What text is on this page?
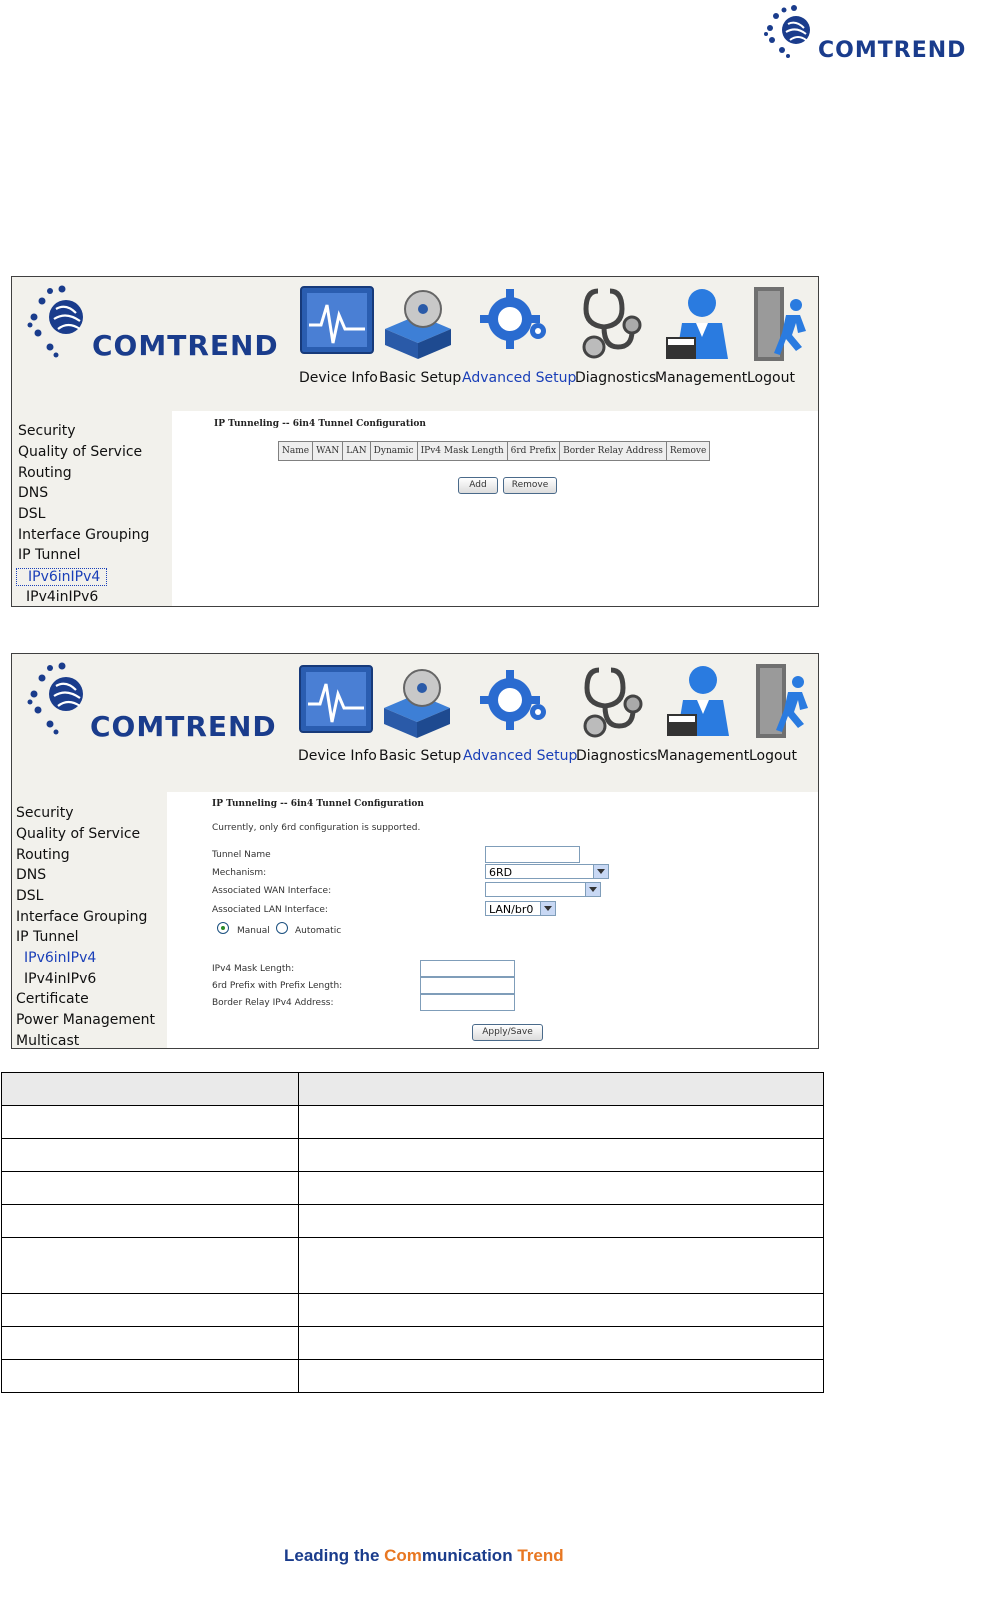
COMTREND
COMTREND
Device Info Basic Setup Advanced Setup
Diagnostics
Management Logout
Security
Quality of Service
Routing
DNS
DSL
Interface Grouping
IP Tunnel
IPv6inIPv4
IPv4inIPv6
IP Tunneling -- 6in4 Tunnel Configuration
Name	WAN	LAN	Dynamic	IPv4 Mask Length	6rd Prefix	Border Relay Address	Remove
Add	Remove
COMTREND
Device Info Basic Setup Advanced Setup
Diagnostics Management Logout
Security
Quality of Service
Routing
DNS
DSL
Interface Grouping
IP Tunnel
IPv6inIPv4
IPv4inIPv6
Certificate
Power Management
Multicast
IP Tunneling -- 6in4 Tunnel Configuration
Currently, only 6rd configuration is supported.
Tunnel Name
Mechanism:	6RD
Associated WAN Interface:
Associated LAN Interface:	LAN/br0
Manual	Automatic
IPv4 Mask Length:
6rd Prefix with Prefix Length:
Border Relay IPv4 Address:
Apply/Save

Leading the Communication Trend
